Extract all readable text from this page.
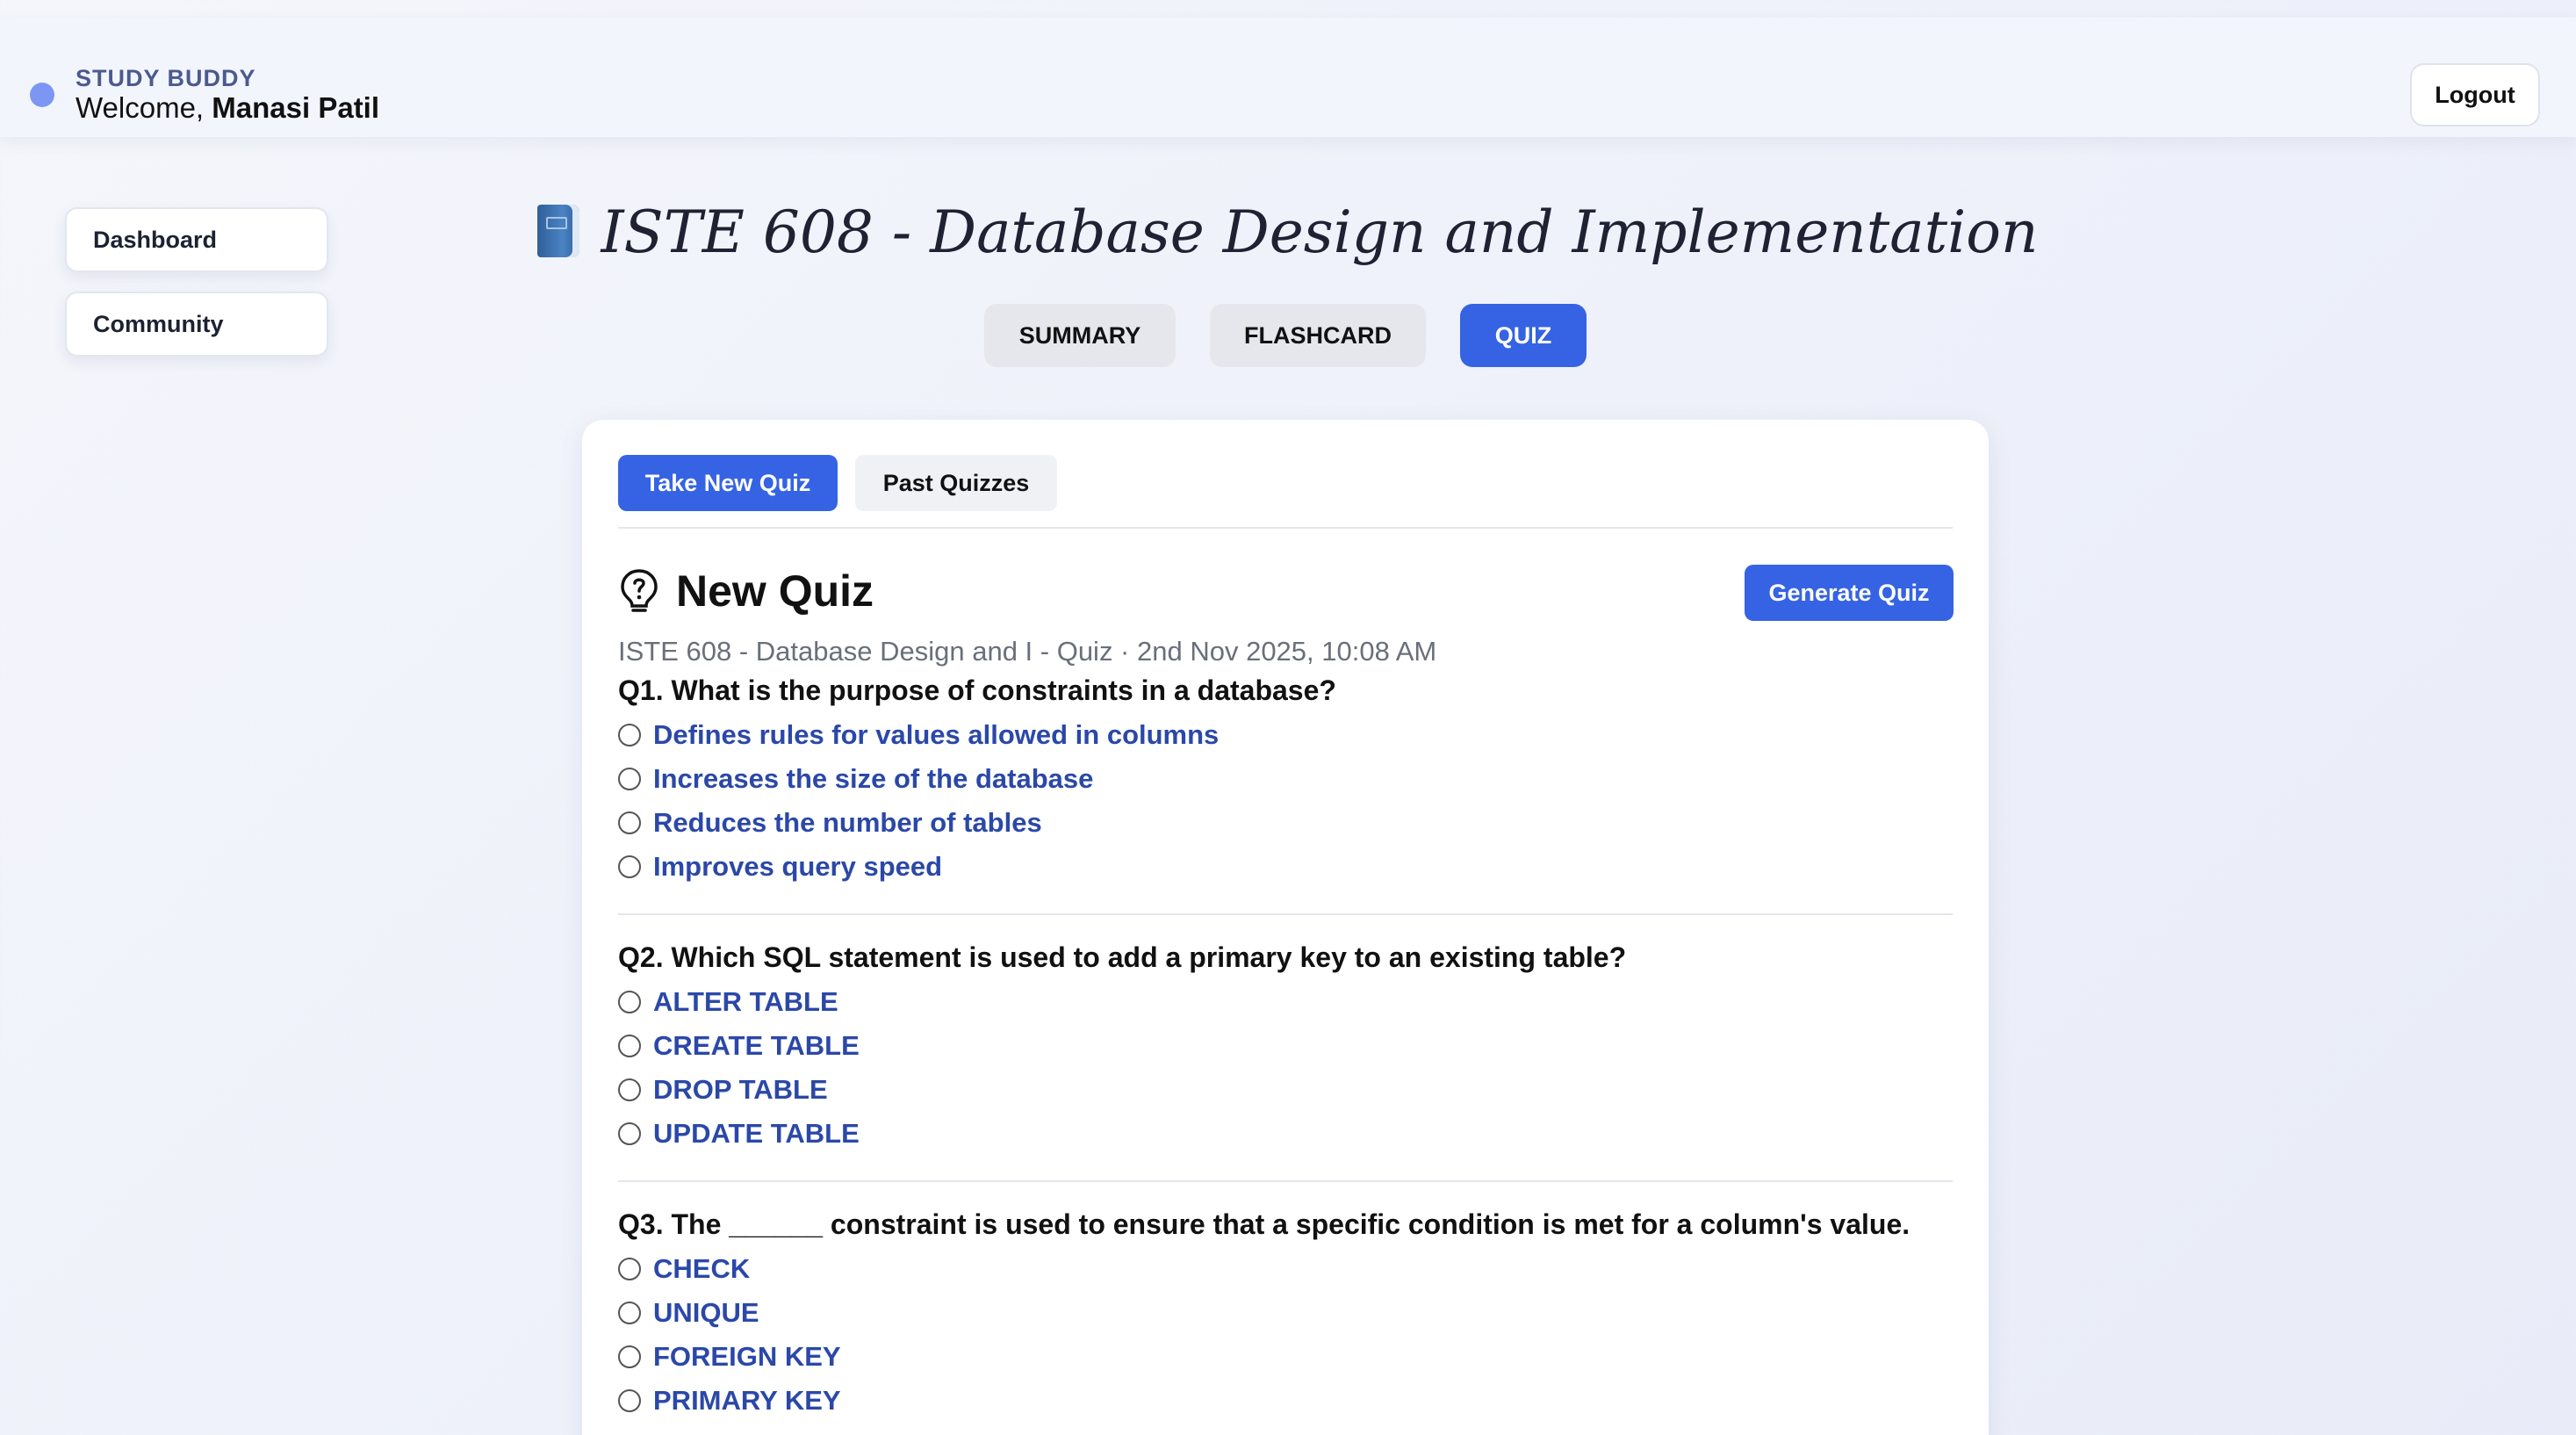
STUDY BUDDY
Welcome, Manasi Patil	Logout
Dashboard
Community
ISTE 608 - Database Design and Implementation
SUMMARY	FLASHCARD	QUIZ
Take New Quiz	Past Quizzes
New Quiz	Generate Quiz
ISTE 608 - Database Design and I - Quiz · 2nd Nov 2025, 10:08 AM
Q1. What is the purpose of constraints in a database?
Defines rules for values allowed in columns
Increases the size of the database
Reduces the number of tables
Improves query speed
Q2. Which SQL statement is used to add a primary key to an existing table?
ALTER TABLE
CREATE TABLE
DROP TABLE
UPDATE TABLE
Q3. The ______ constraint is used to ensure that a specific condition is met for a column's value.
CHECK
UNIQUE
FOREIGN KEY
PRIMARY KEY
